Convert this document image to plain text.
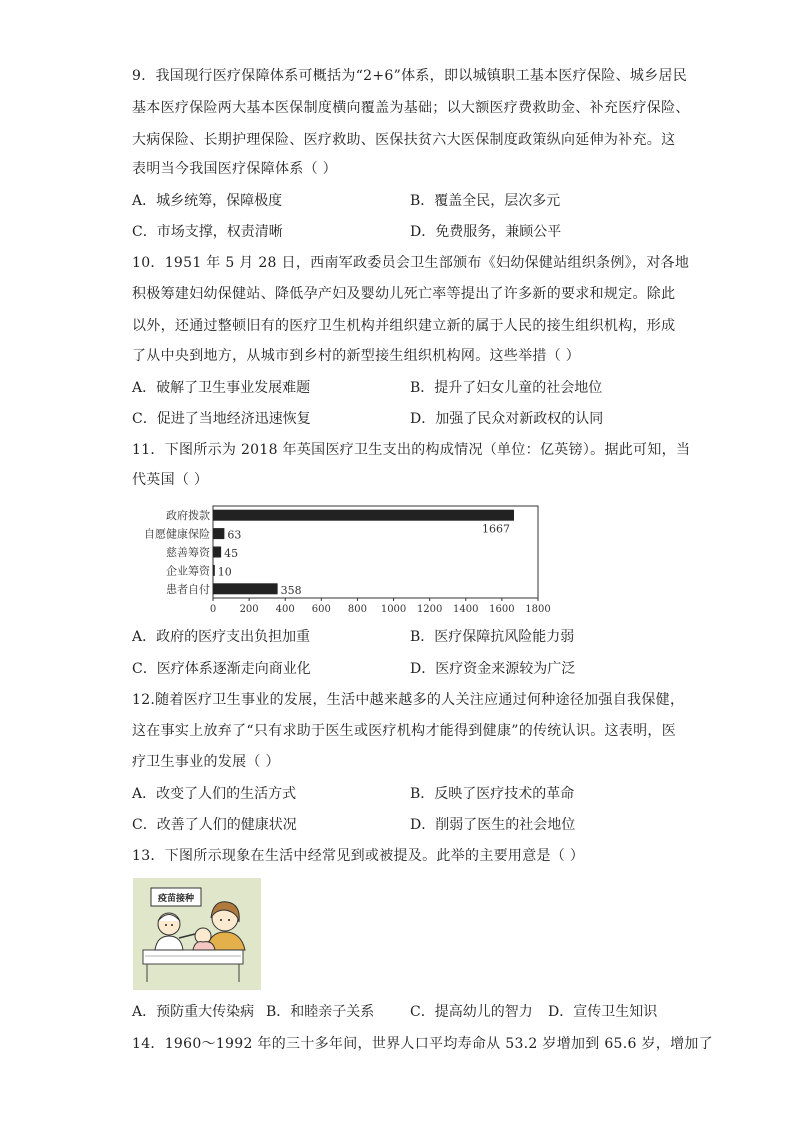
9．我国现行医疗保障体系可概括为“2+6”体系，即以城镇职工基本医疗保险、城乡居民
基本医疗保险两大基本医保制度横向覆盖为基础；以大额医疗费救助金、补充医疗保险、
大病保险、长期护理保险、医疗救助、医保扶贫六大医保制度政策纵向延伸为补充。这
表明当今我国医疗保障体系（ ）
A．城乡统筹，保障极度	B．覆盖全民，层次多元
C．市场支撑，权责清晰	D．免费服务，兼顾公平
10．1951 年 5 月 28 日，西南军政委员会卫生部颁布《妇幼保健站组织条例》，对各地
积极筹建妇幼保健站、降低孕产妇及婴幼儿死亡率等提出了许多新的要求和规定。除此
以外，还通过整顿旧有的医疗卫生机构并组织建立新的属于人民的接生组织机构，形成
了从中央到地方，从城市到乡村的新型接生组织机构网。这些举措（ ）
A．破解了卫生事业发展难题	B．提升了妇女儿童的社会地位
C．促进了当地经济迅速恢复	D．加强了民众对新政权的认同
11．下图所示为 2018 年英国医疗卫生支出的构成情况（单位：亿英镑）。据此可知，当
代英国（ ）
0 200 400 600 800 1000 1200 1400 1600 1800
政府拨款
1667
自愿健康保险 63
慈善筹资 45
企业筹资 10
患者自付	358
A．政府的医疗支出负担加重	B．医疗保障抗风险能力弱
C．医疗体系逐渐走向商业化	D．医疗资金来源较为广泛
12.随着医疗卫生事业的发展，生活中越来越多的人关注应通过何种途径加强自我保健，
这在事实上放弃了“只有求助于医生或医疗机构才能得到健康”的传统认识。这表明，医
疗卫生事业的发展（ ）
A．改变了人们的生活方式	B．反映了医疗技术的革命
C．改善了人们的健康状况	D．削弱了医生的社会地位
13．下图所示现象在生活中经常见到或被提及。此举的主要用意是（ ）
疫苗接种
A．预防重大传染病 B．和睦亲子关系	C．提高幼儿的智力 D．宣传卫生知识
14．1960～1992 年的三十多年间，世界人口平均寿命从 53.2 岁增加到 65.6 岁，增加了
